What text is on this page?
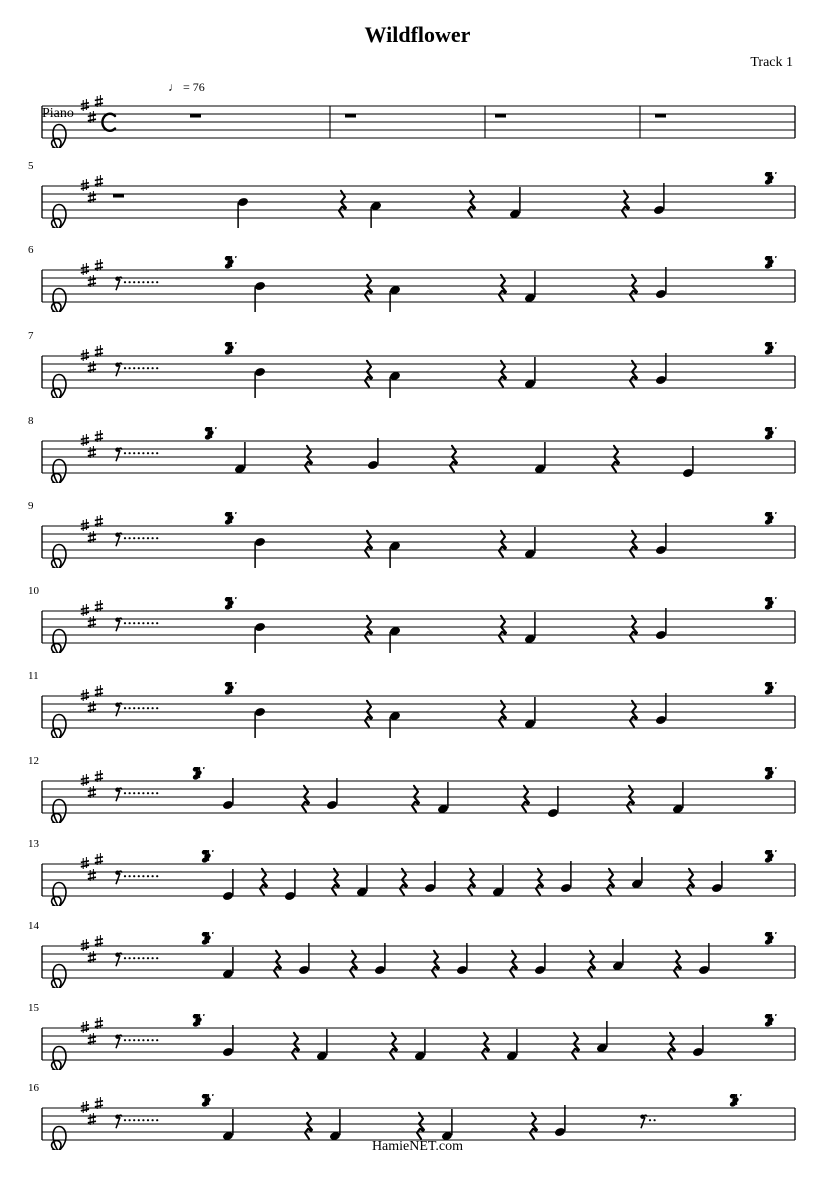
Wildflower
Track 1
Piano
HamieNET.com
5
6
7
8
9
10
11
12
13
14
15
16
♩ = 76
